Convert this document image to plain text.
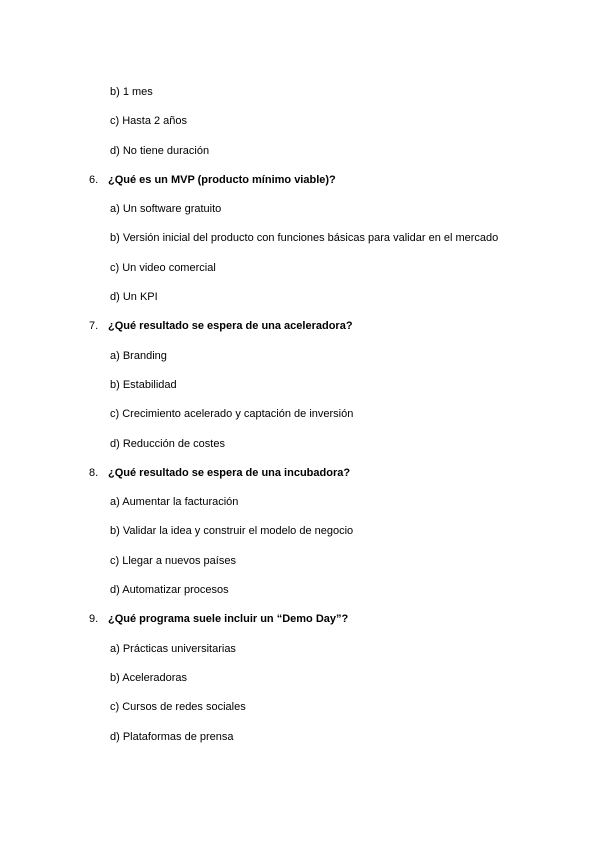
b) 1 mes
c) Hasta 2 años
d) No tiene duración
6. ¿Qué es un MVP (producto mínimo viable)?
a) Un software gratuito
b) Versión inicial del producto con funciones básicas para validar en el mercado
c) Un video comercial
d) Un KPI
7. ¿Qué resultado se espera de una aceleradora?
a) Branding
b) Estabilidad
c) Crecimiento acelerado y captación de inversión
d) Reducción de costes
8. ¿Qué resultado se espera de una incubadora?
a) Aumentar la facturación
b) Validar la idea y construir el modelo de negocio
c) Llegar a nuevos países
d) Automatizar procesos
9. ¿Qué programa suele incluir un “Demo Day”?
a) Prácticas universitarias
b) Aceleradoras
c) Cursos de redes sociales
d) Plataformas de prensa
